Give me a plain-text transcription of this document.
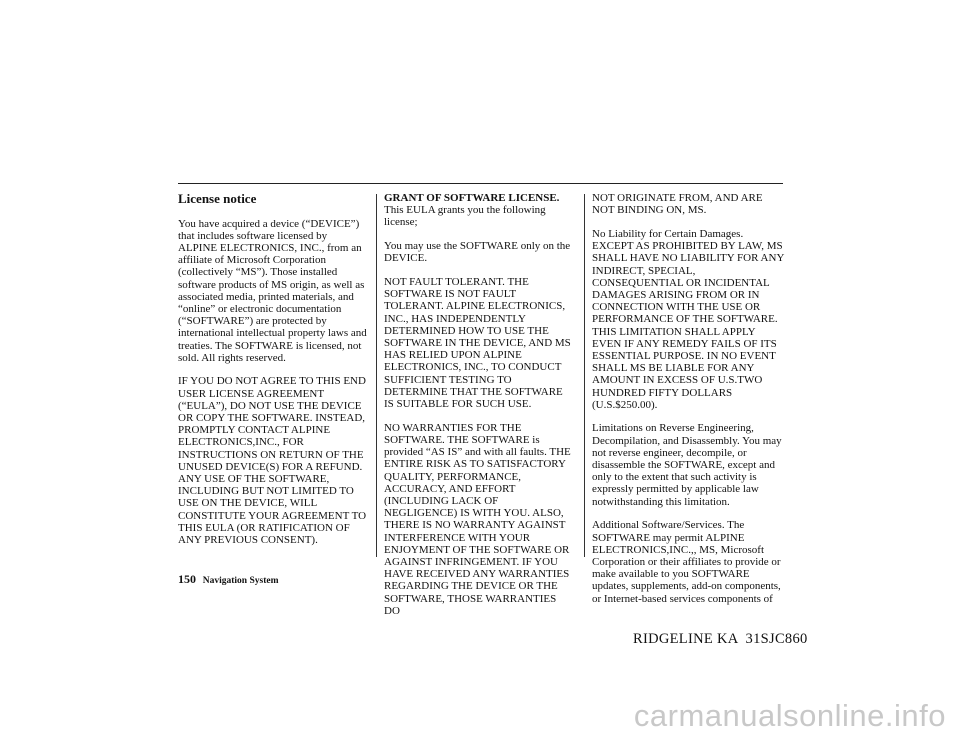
License notice

You have acquired a device (“DEVICE”) that includes software licensed by ALPINE ELECTRONICS, INC., from an affiliate of Microsoft Corporation (collectively “MS”). Those installed software products of MS origin, as well as associated media, printed materials, and “online” or electronic documentation (“SOFTWARE”) are protected by international intellectual property laws and treaties. The SOFTWARE is licensed, not sold. All rights reserved.

IF YOU DO NOT AGREE TO THIS END USER LICENSE AGREEMENT (“EULA”), DO NOT USE THE DEVICE OR COPY THE SOFTWARE. INSTEAD, PROMPTLY CONTACT ALPINE ELECTRONICS,INC., FOR INSTRUCTIONS ON RETURN OF THE UNUSED DEVICE(S) FOR A REFUND. ANY USE OF THE SOFTWARE, INCLUDING BUT NOT LIMITED TO USE ON THE DEVICE, WILL CONSTITUTE YOUR AGREEMENT TO THIS EULA (OR RATIFICATION OF ANY PREVIOUS CONSENT).

GRANT OF SOFTWARE LICENSE.
This EULA grants you the following license;

You may use the SOFTWARE only on the DEVICE.

NOT FAULT TOLERANT. THE SOFTWARE IS NOT FAULT TOLERANT. ALPINE ELECTRONICS, INC., HAS INDEPENDENTLY DETERMINED HOW TO USE THE SOFTWARE IN THE DEVICE, AND MS HAS RELIED UPON ALPINE ELECTRONICS, INC., TO CONDUCT SUFFICIENT TESTING TO DETERMINE THAT THE SOFTWARE IS SUITABLE FOR SUCH USE.

NO WARRANTIES FOR THE SOFTWARE. THE SOFTWARE is provided “AS IS” and with all faults. THE ENTIRE RISK AS TO SATISFACTORY QUALITY, PERFORMANCE, ACCURACY, AND EFFORT (INCLUDING LACK OF NEGLIGENCE) IS WITH YOU. ALSO, THERE IS NO WARRANTY AGAINST INTERFERENCE WITH YOUR ENJOYMENT OF THE SOFTWARE OR AGAINST INFRINGEMENT. IF YOU HAVE RECEIVED ANY WARRANTIES REGARDING THE DEVICE OR THE SOFTWARE, THOSE WARRANTIES DO

NOT ORIGINATE FROM, AND ARE NOT BINDING ON, MS.

No Liability for Certain Damages. EXCEPT AS PROHIBITED BY LAW, MS SHALL HAVE NO LIABILITY FOR ANY INDIRECT, SPECIAL, CONSEQUENTIAL OR INCIDENTAL DAMAGES ARISING FROM OR IN CONNECTION WITH THE USE OR PERFORMANCE OF THE SOFTWARE. THIS LIMITATION SHALL APPLY EVEN IF ANY REMEDY FAILS OF ITS ESSENTIAL PURPOSE. IN NO EVENT SHALL MS BE LIABLE FOR ANY AMOUNT IN EXCESS OF U.S.TWO HUNDRED FIFTY DOLLARS (U.S.$250.00).

Limitations on Reverse Engineering, Decompilation, and Disassembly. You may not reverse engineer, decompile, or disassemble the SOFTWARE, except and only to the extent that such activity is expressly permitted by applicable law notwithstanding this limitation.

Additional Software/Services. The SOFTWARE may permit ALPINE ELECTRONICS,INC.,, MS, Microsoft Corporation or their affiliates to provide or make available to you SOFTWARE updates, supplements, add-on components, or Internet-based services components of

150 Navigation System
RIDGELINE KA  31SJC860
carmanualsonline.info
